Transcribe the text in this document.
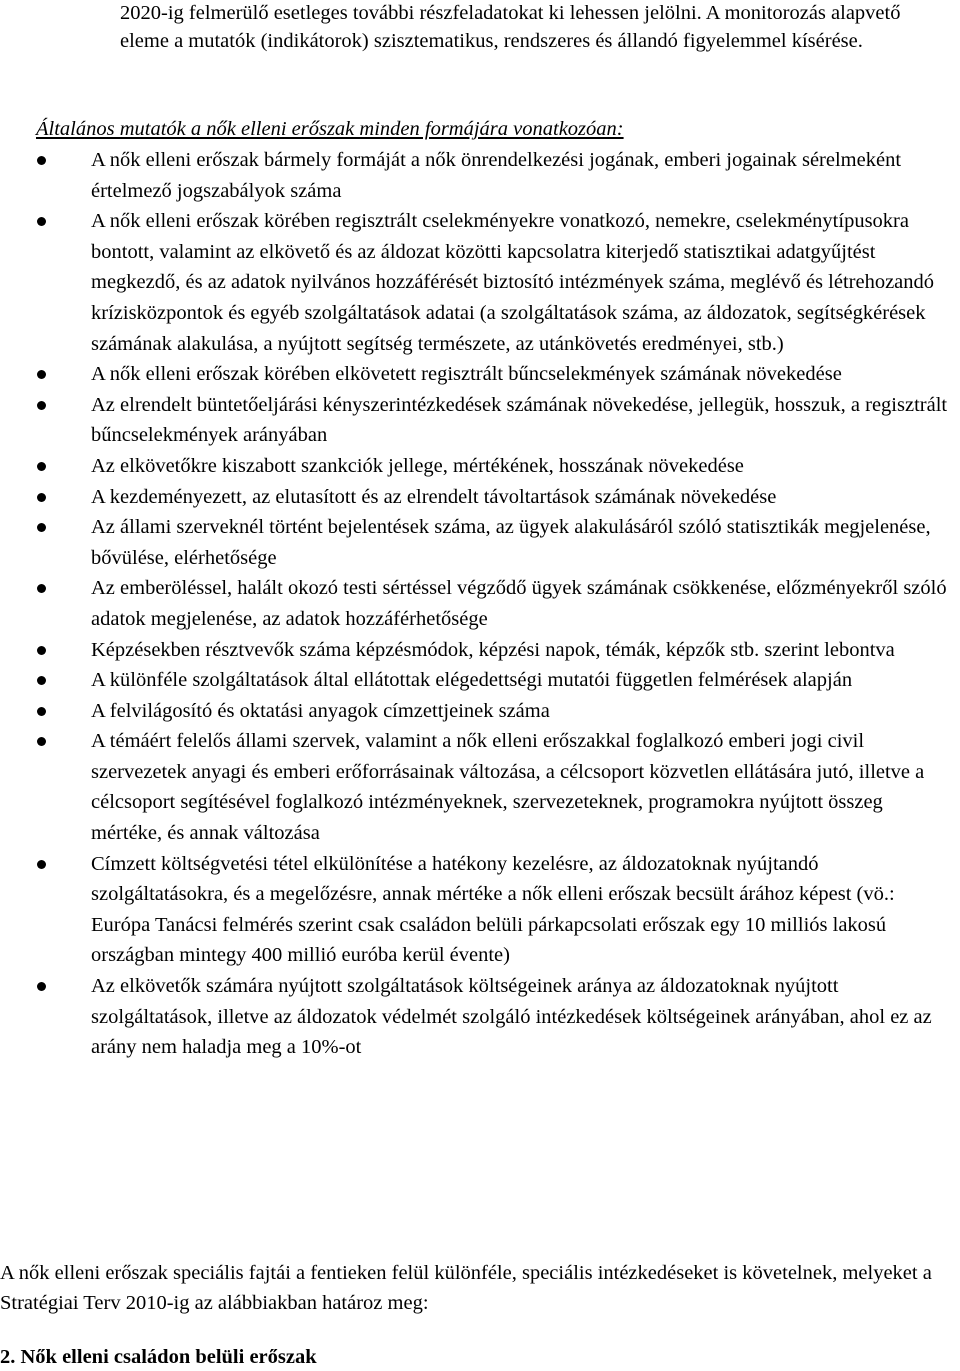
2020-ig felmerülő esetleges további részfeladatokat ki lehessen jelölni. A monitorozás alapvető eleme a mutatók (indikátorok) szisztematikus, rendszeres és állandó figyelemmel kísérése.

Általános mutatók a nők elleni erőszak minden formájára vonatkozóan:

A nők elleni erőszak bármely formáját a nők önrendelkezési jogának, emberi jogainak sérelmeként értelmező jogszabályok száma
A nők elleni erőszak körében regisztrált cselekményekre vonatkozó, nemekre, cselekménytípusokra bontott, valamint az elkövető és az áldozat közötti kapcsolatra kiterjedő statisztikai adatgyűjtést megkezdő, és az adatok nyilvános hozzáférését biztosító intézmények száma, meglévő és létrehozandó krízisközpontok és egyéb szolgáltatások adatai (a szolgáltatások száma, az áldozatok, segítségkérések számának alakulása, a nyújtott segítség természete, az utánkövetés eredményei, stb.)
A nők elleni erőszak körében elkövetett regisztrált bűncselekmények számának növekedése
Az elrendelt büntetőeljárási kényszerintézkedések számának növekedése, jellegük, hosszuk, a regisztrált bűncselekmények arányában
Az elkövetőkre kiszabott szankciók jellege, mértékének, hosszának növekedése
A kezdeményezett, az elutasított és az elrendelt távoltartások számának növekedése
Az állami szerveknél történt bejelentések száma, az ügyek alakulásáról szóló statisztikák megjelenése, bővülése, elérhetősége
Az emberöléssel, halált okozó testi sértéssel végződő ügyek számának csökkenése, előzményekről szóló adatok megjelenése, az adatok hozzáférhetősége
Képzésekben résztvevők száma képzésmódok, képzési napok, témák, képzők stb. szerint lebontva
A különféle szolgáltatások által ellátottak elégedettségi mutatói független felmérések alapján
A felvilágosító és oktatási anyagok címzettjeinek száma
A témáért felelős állami szervek, valamint a nők elleni erőszakkal foglalkozó emberi jogi civil szervezetek anyagi és emberi erőforrásainak változása, a célcsoport közvetlen ellátására jutó, illetve a célcsoport segítésével foglalkozó intézményeknek, szervezeteknek, programokra nyújtott összeg mértéke, és annak változása
Címzett költségvetési tétel elkülönítése a hatékony kezelésre, az áldozatoknak nyújtandó szolgáltatásokra, és a megelőzésre, annak mértéke a nők elleni erőszak becsült árához képest (vö.: Európa Tanácsi felmérés szerint csak családon belüli párkapcsolati erőszak egy 10 milliós lakosú országban mintegy 400 millió euróba kerül évente)
Az elkövetők számára nyújtott szolgáltatások költségeinek aránya az áldozatoknak nyújtott szolgáltatások, illetve az áldozatok védelmét szolgáló intézkedések költségeinek arányában, ahol ez az arány nem haladja meg a 10%-ot

A nők elleni erőszak speciális fajtái a fentieken felül különféle, speciális intézkedéseket is követelnek, melyeket a Stratégiai Terv 2010-ig az alábbiakban határoz meg:

2. Nők elleni családon belüli erőszak
